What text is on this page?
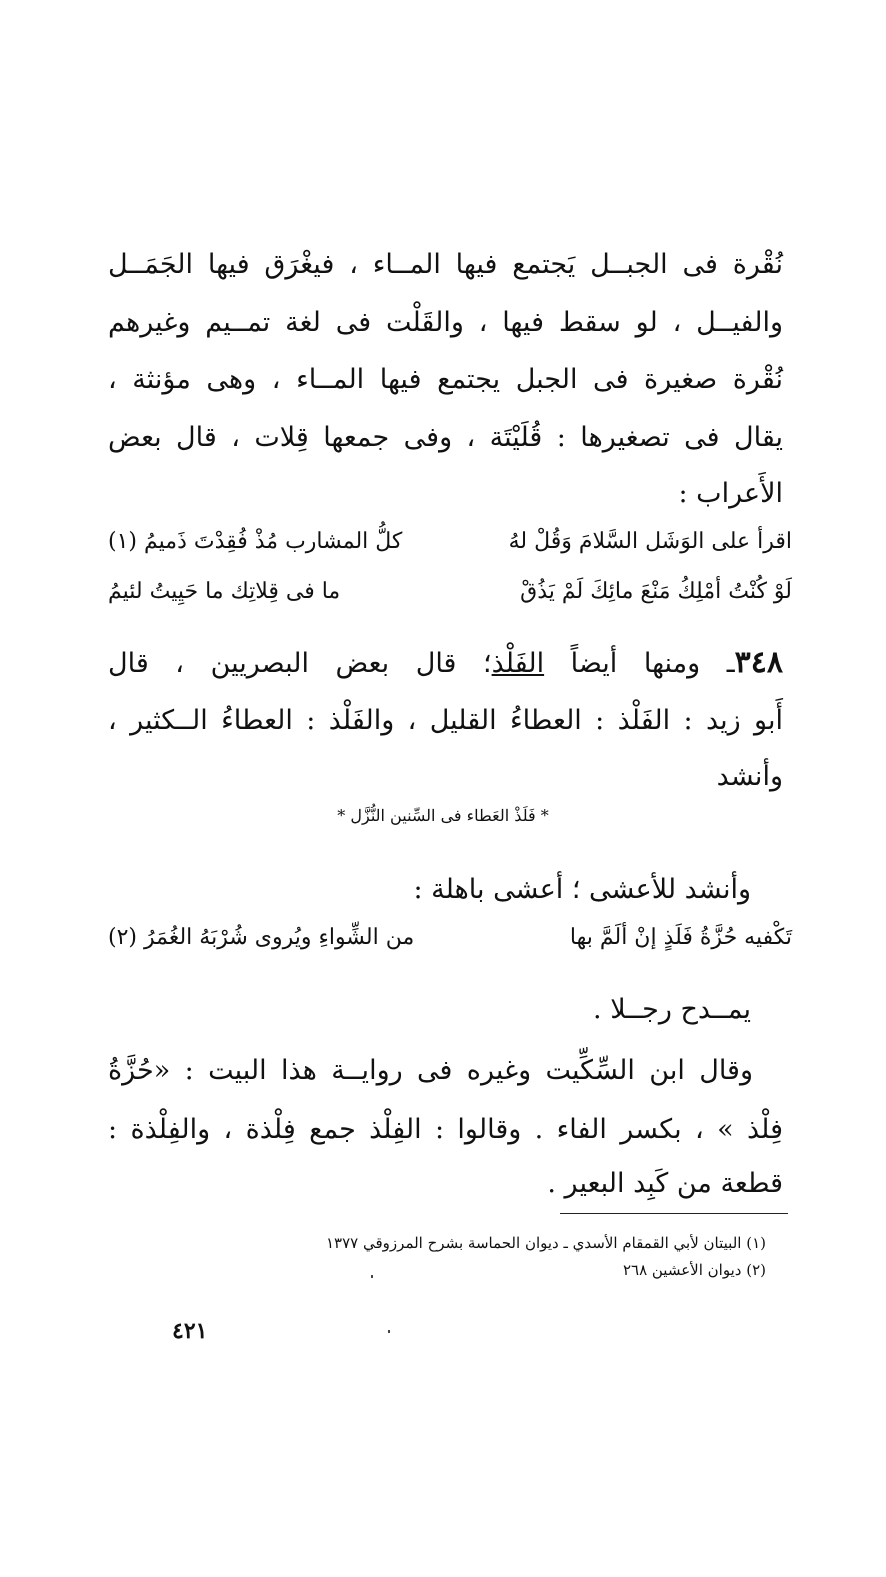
نُقْرة فى الجبــل يَجتمع فيها المــاء ، فيغْرَق فيها الجَمَــل
والفيــل ، لو سقط فيها ، والقَلْت فى لغة تمــيم وغيرهم
نُقْرة صغيرة فى الجبل يجتمع فيها المــاء ، وهى مؤنثة ،
يقال فى تصغيرها : قُلَيْتَة ، وفى جمعها قِلات ، قال بعض
الأَعراب :
اقرأ على الوَشَل السَّلامَ وَقُلْ لهُ
كلُّ المشارب مُذْ فُقِدْتَ ذَميمُ (١)
لَوْ كُنْتُ أمْلِكُ مَنْعَ مائِكَ لَمْ يَذُقْ
ما فى قِلاتِك ما حَيِيتُ لئيمُ
٣٤٨ـ ومنها أيضاً الفَلْذ؛ قال بعض البصريين ، قال
أَبو زيد : الفَلْذ : العطاءُ القليل ، والفَلْذ : العطاءُ الــكثير ،
وأنشد
* فَلَذْ العَطاء فى السِّنين النُّزَّل *
وأنشد للأعشى ؛ أعشى باهلة :
تَكْفيه حُزَّةُ فَلَذٍ إنْ ألَمَّ بها
من الشِّواءِ ويُروى شُرْبَهُ الغُمَرُ (٢)
يمــدح رجــلا .
وقال ابن السِّكِّيت وغيره فى روايــة هذا البيت : «حُزَّةُ
فِلْذ » ، بكسر الفاء . وقالوا : الفِلْذ جمع فِلْذة ، والفِلْذة :
قطعة من كَبِد البعير .
(١) البيتان لأبي القمقام الأسدي ـ ديوان الحماسة بشرح المرزوقي ١٣٧٧
(٢) ديوان الأعشين ٢٦٨
٤٢١
